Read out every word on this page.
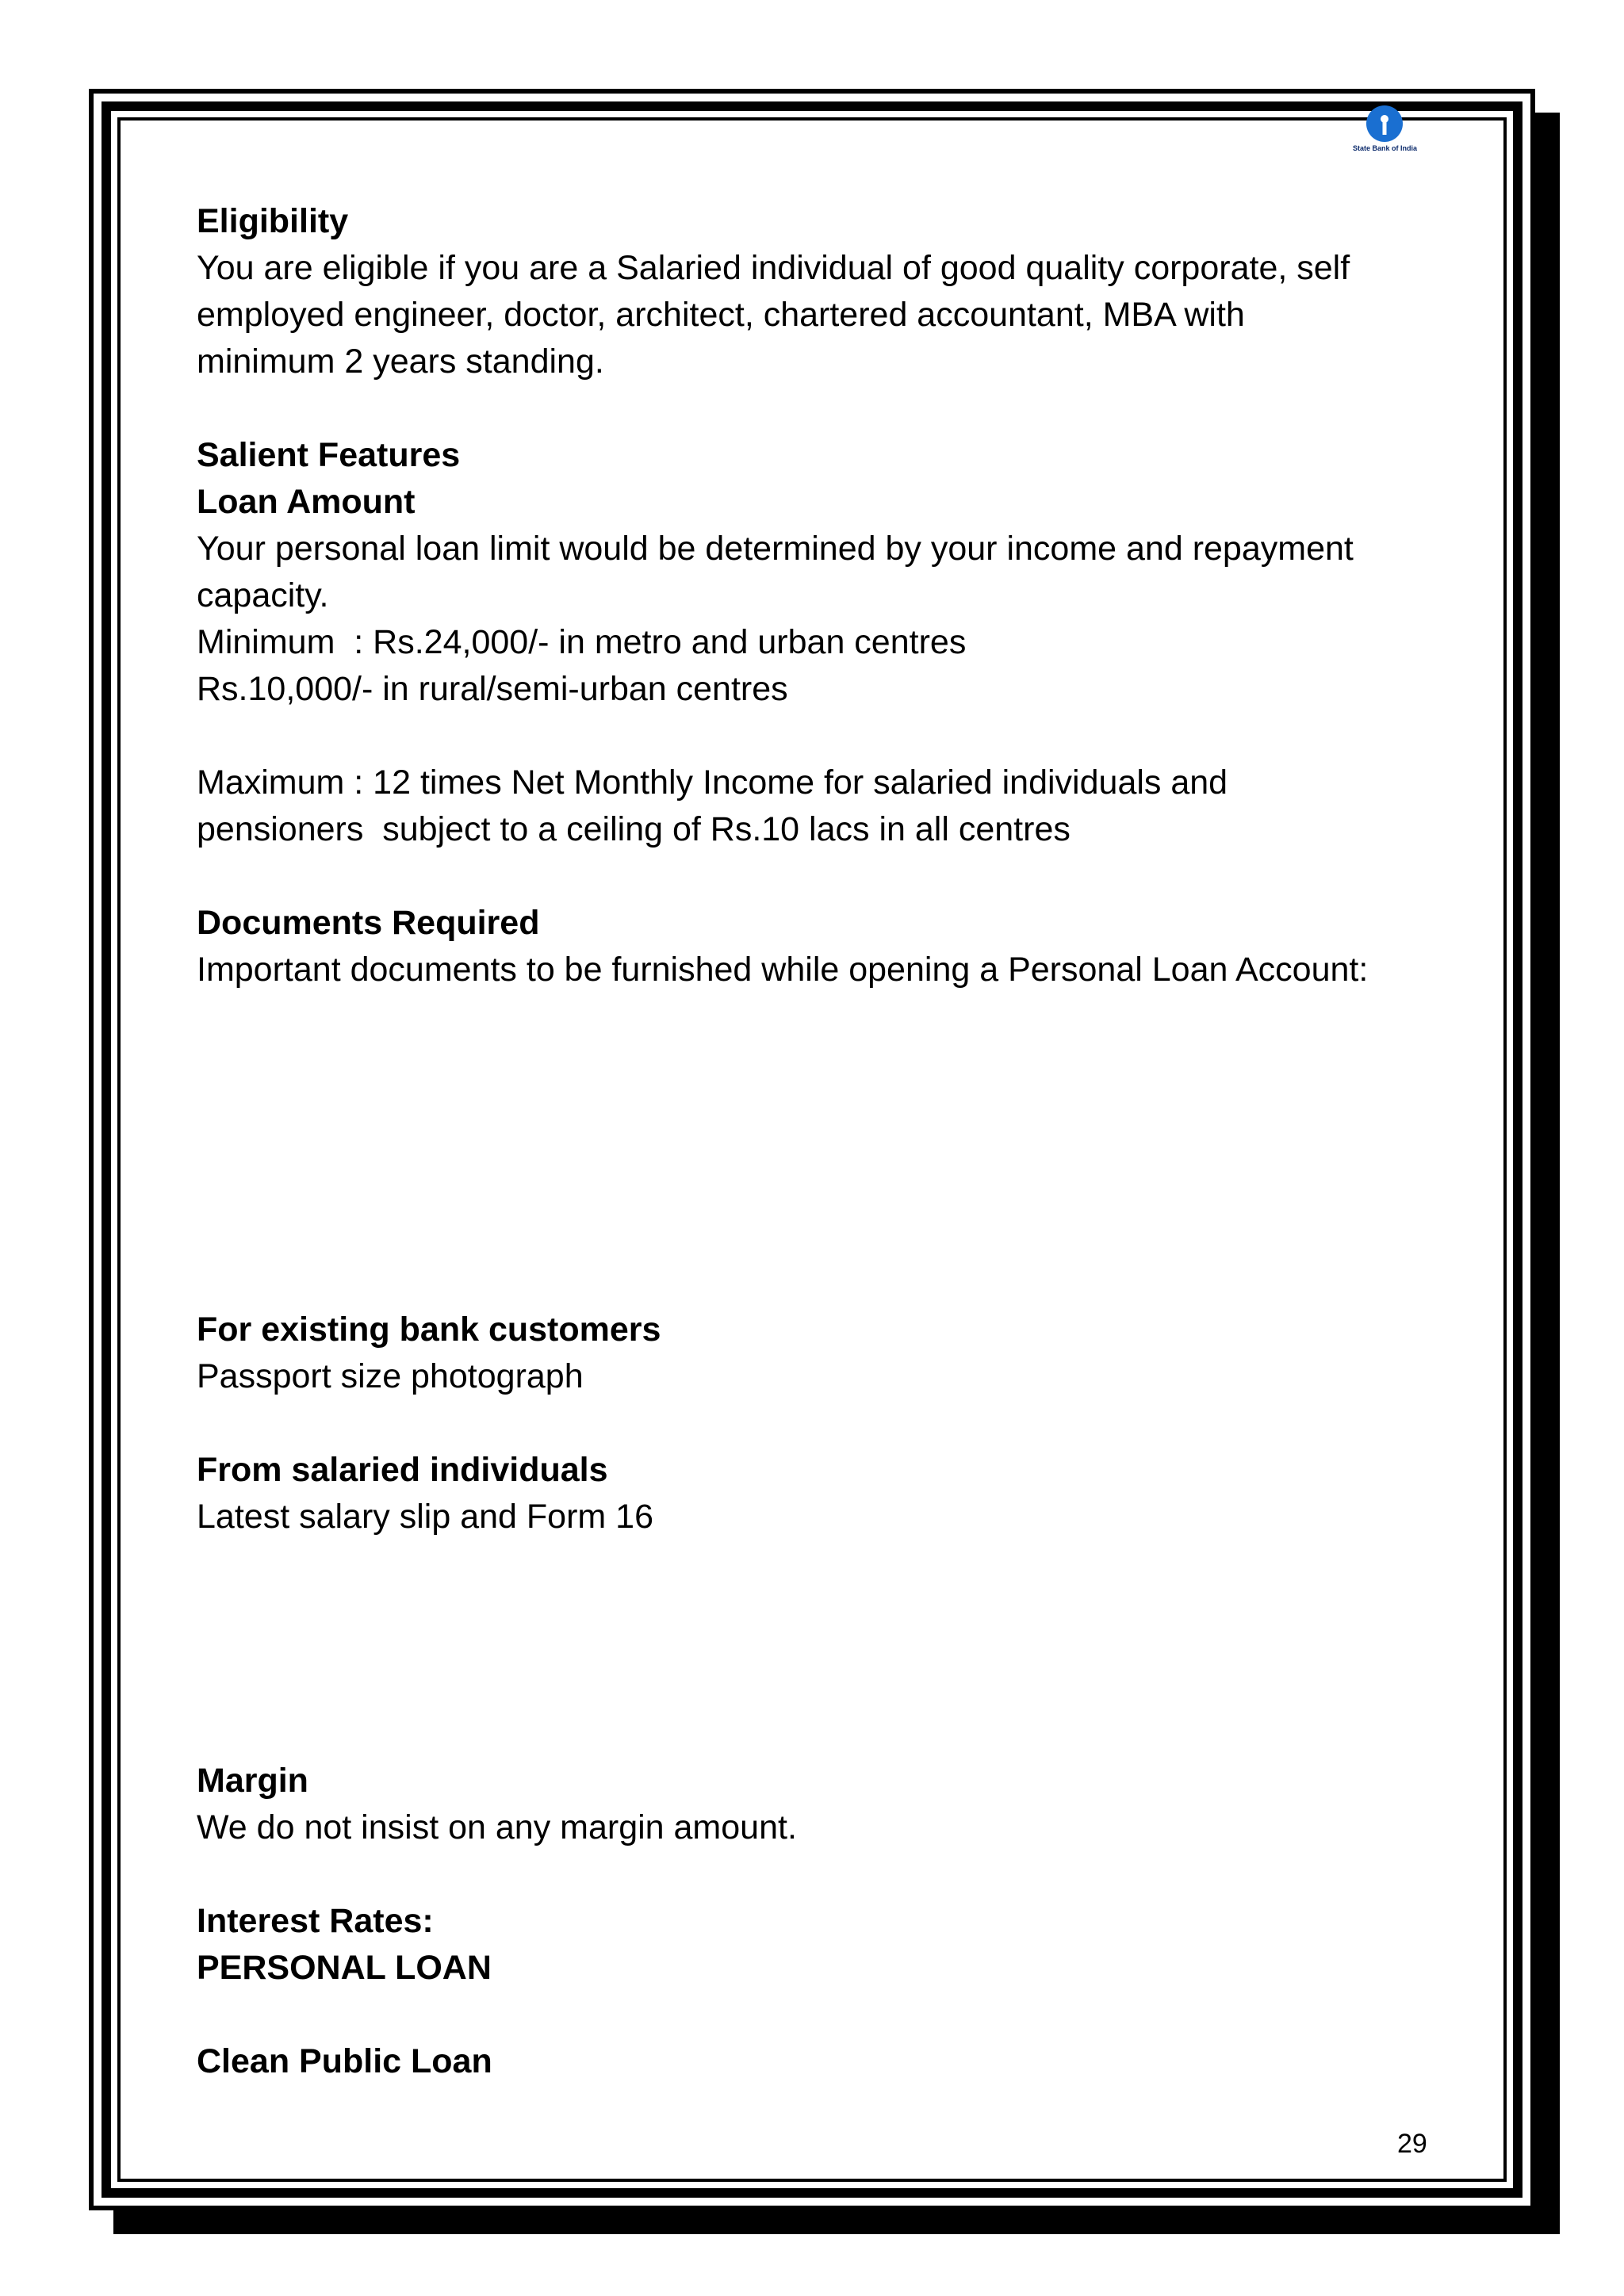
State Bank of India
Eligibility
You are eligible if you are a Salaried individual of good quality corporate, self
employed engineer, doctor, architect, chartered accountant, MBA with
minimum 2 years standing.
Salient Features
Loan Amount
Your personal loan limit would be determined by your income and repayment
capacity.
Minimum  : Rs.24,000/- in metro and urban centres
Rs.10,000/- in rural/semi-urban centres
Maximum : 12 times Net Monthly Income for salaried individuals and
pensioners  subject to a ceiling of Rs.10 lacs in all centres
Documents Required
Important documents to be furnished while opening a Personal Loan Account:
For existing bank customers
Passport size photograph
From salaried individuals
Latest salary slip and Form 16
Margin
We do not insist on any margin amount.
Interest Rates:
PERSONAL LOAN
Clean Public Loan
29
